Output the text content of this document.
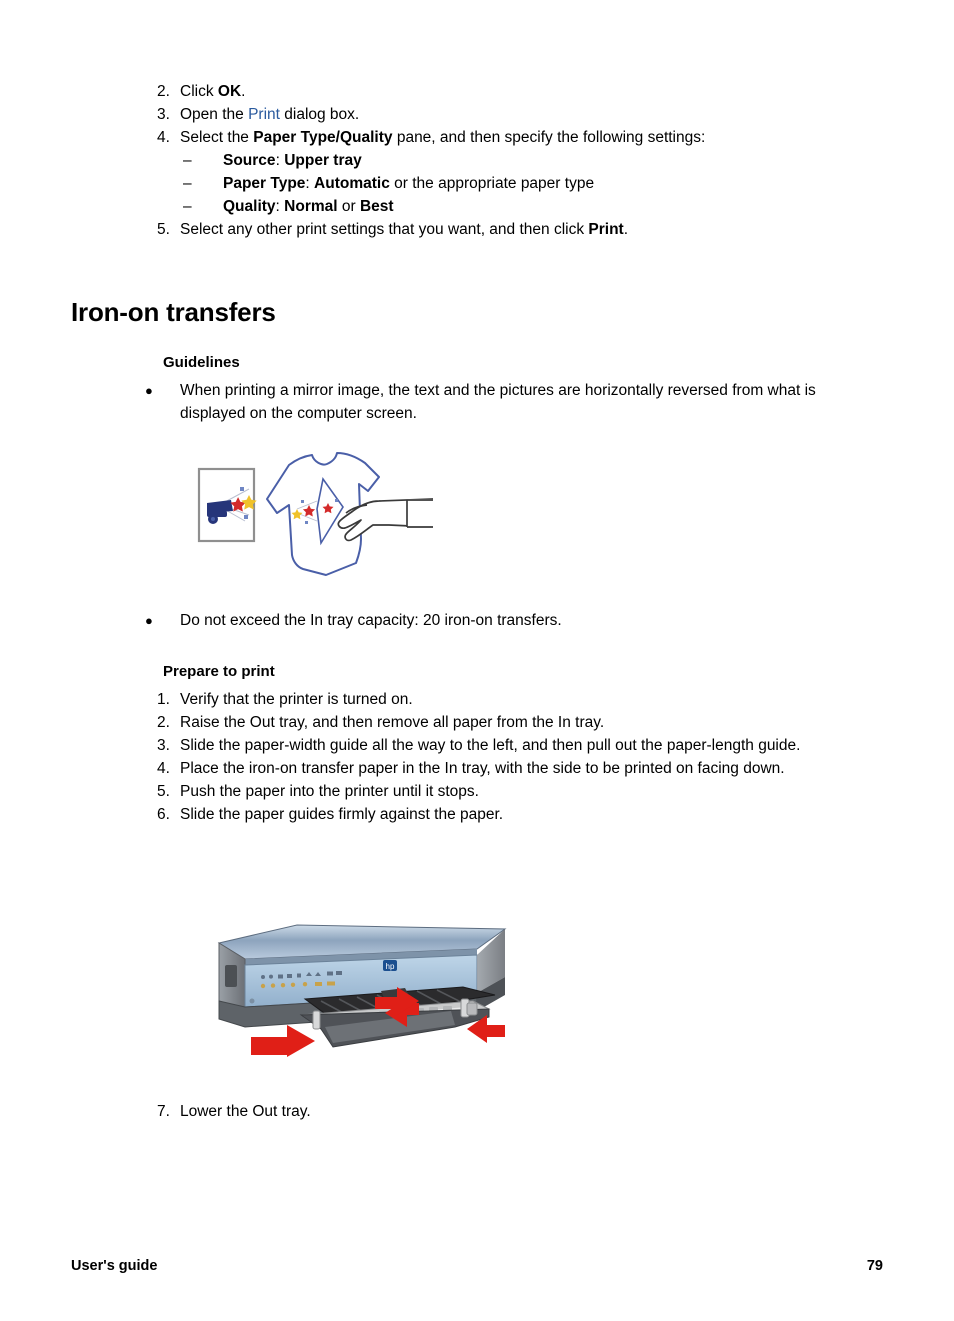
2. Click OK.
3. Open the Print dialog box.
4. Select the Paper Type/Quality pane, and then specify the following settings:
–	Source: Upper tray
–	Paper Type: Automatic or the appropriate paper type
–	Quality: Normal or Best
5. Select any other print settings that you want, and then click Print.
Iron-on transfers
Guidelines
●	When printing a mirror image, the text and the pictures are horizontally reversed from what is displayed on the computer screen.
●	Do not exceed the In tray capacity: 20 iron-on transfers.
Prepare to print
1. Verify that the printer is turned on.
2. Raise the Out tray, and then remove all paper from the In tray.
3. Slide the paper-width guide all the way to the left, and then pull out the paper-length guide.
4. Place the iron-on transfer paper in the In tray, with the side to be printed on facing down.
5. Push the paper into the printer until it stops.
6. Slide the paper guides firmly against the paper.
hp
7. Lower the Out tray.
User's guide	79
